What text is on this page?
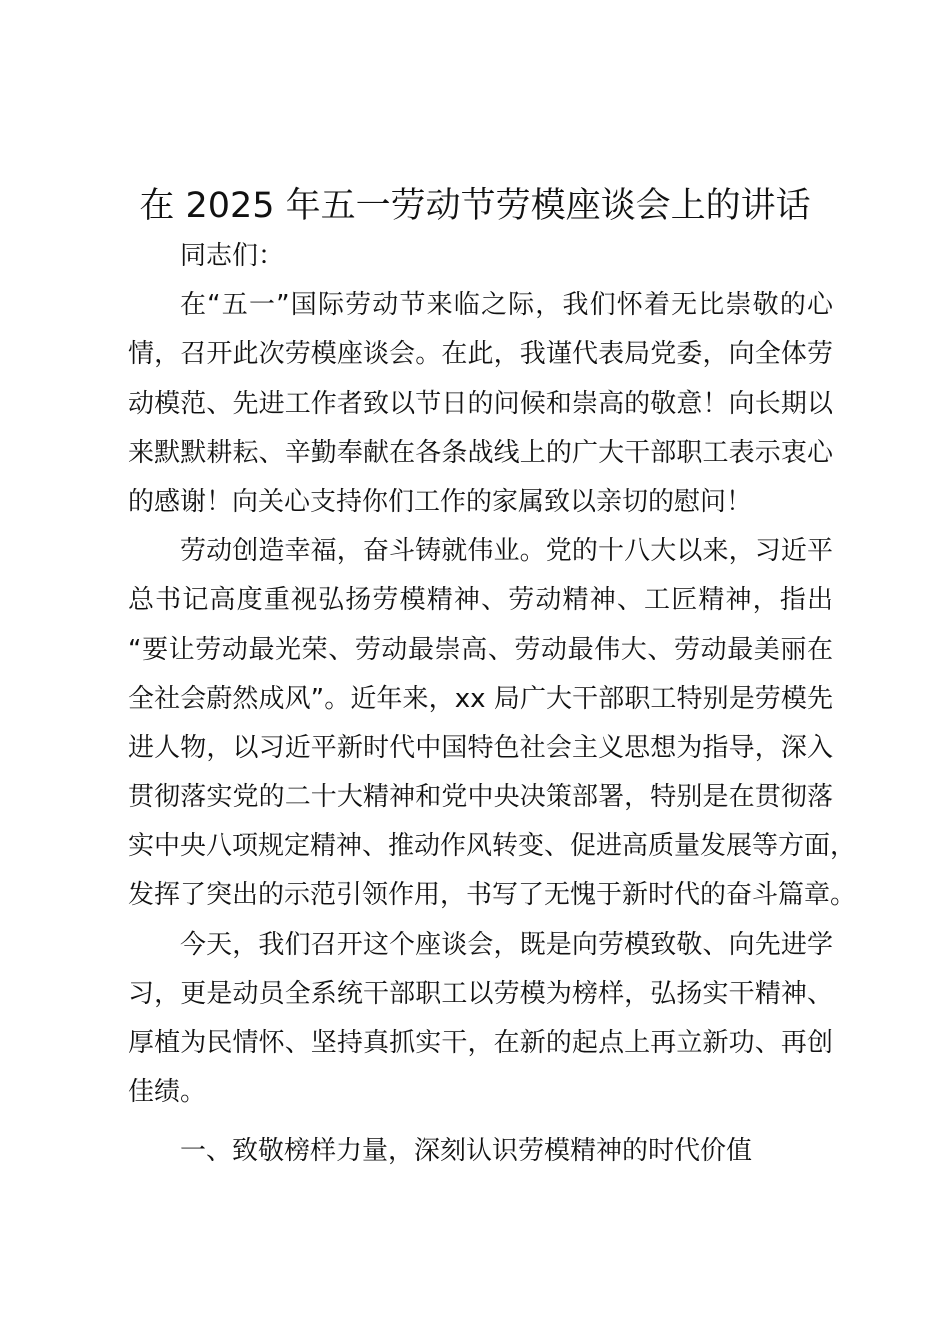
在 2025 年五一劳动节劳模座谈会上的讲话
同志们：
在“五一”国际劳动节来临之际，我们怀着无比崇敬的心
情，召开此次劳模座谈会。在此，我谨代表局党委，向全体劳
动模范、先进工作者致以节日的问候和崇高的敬意！向长期以
来默默耕耘、辛勤奉献在各条战线上的广大干部职工表示衷心
的感谢！向关心支持你们工作的家属致以亲切的慰问！
劳动创造幸福，奋斗铸就伟业。党的十八大以来，习近平
总书记高度重视弘扬劳模精神、劳动精神、工匠精神，指出
“要让劳动最光荣、劳动最崇高、劳动最伟大、劳动最美丽在
全社会蔚然成风”。近年来，xx 局广大干部职工特别是劳模先
进人物，以习近平新时代中国特色社会主义思想为指导，深入
贯彻落实党的二十大精神和党中央决策部署，特别是在贯彻落
实中央八项规定精神、推动作风转变、促进高质量发展等方面，
发挥了突出的示范引领作用，书写了无愧于新时代的奋斗篇章。
今天，我们召开这个座谈会，既是向劳模致敬、向先进学
习，更是动员全系统干部职工以劳模为榜样，弘扬实干精神、
厚植为民情怀、坚持真抓实干，在新的起点上再立新功、再创
佳绩。
一、致敬榜样力量，深刻认识劳模精神的时代价值
